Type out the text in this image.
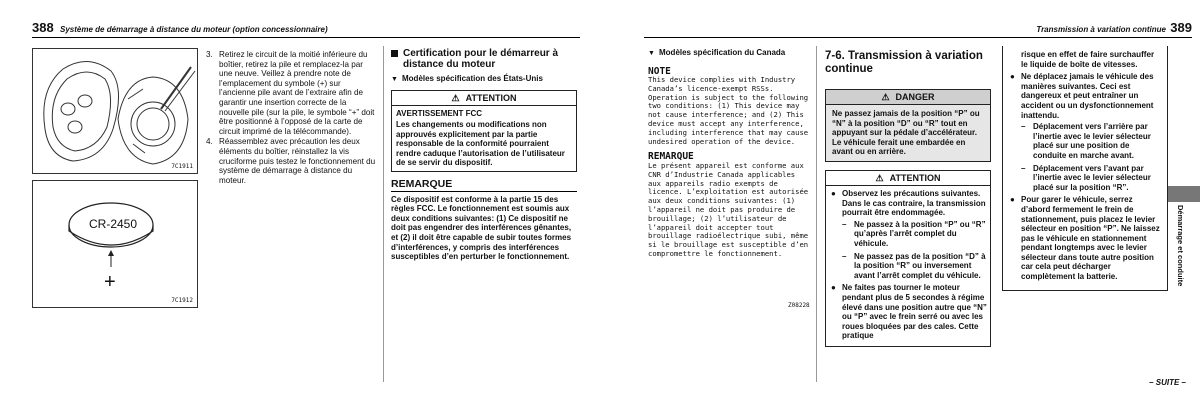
388 Système de démarrage à distance du moteur (option concessionnaire)
7C1911
CR-2450
+
7C1912
3. Retirez le circuit de la moitié inférieure du boîtier, retirez la pile et remplacez-la par une neuve. Veillez à prendre note de l’emplacement du symbole (+) sur l’ancienne pile avant de l’extraire afin de garantir une insertion correcte de la nouvelle pile (sur la pile, le symbole “+” doit être positionné à l’opposé de la carte de circuit imprimé de la télécommande).
4. Réassemblez avec précaution les deux éléments du boîtier, réinstallez la vis cruciforme puis testez le fonctionnement du système de démarrage à distance du moteur.
Certification pour le démarreur à distance du moteur
▼ Modèles spécification des États-Unis
⚠ ATTENTION
AVERTISSEMENT FCC
Les changements ou modifications non approuvés explicitement par la partie responsable de la conformité pourraient rendre caduque l’autorisation de l’utilisateur de se servir du dispositif.
REMARQUE
Ce dispositif est conforme à la partie 15 des règles FCC. Le fonctionnement est soumis aux deux conditions suivantes: (1) Ce dispositif ne doit pas engendrer des interférences gênantes, et (2) il doit être capable de subir toutes formes d’interférences, y compris des interférences susceptibles d’en perturber le fonctionnement.
Transmission à variation continue 389
▼ Modèles spécification du Canada
NOTE
This device complies with Industry Canada’s licence-exempt RSSs. Operation is subject to the following two conditions: (1) This device may not cause interference; and (2) This device must accept any interference, including interference that may cause undesired operation of the device.
REMARQUE
Le présent appareil est conforme aux CNR d’Industrie Canada applicables aux appareils radio exempts de licence. L’exploitation est autorisée aux deux conditions suivantes: (1) l’appareil ne doit pas produire de brouillage; (2) l’utilisateur de l’appareil doit accepter tout brouillage radioélectrique subi, même si le brouillage est susceptible d’en compromettre le fonctionnement.
Z08228
7-6. Transmission à variation continue
⚠ DANGER
Ne passez jamais de la position “P” ou “N” à la position “D” ou “R” tout en appuyant sur la pédale d’accélérateur. Le véhicule ferait une embardée en avant ou en arrière.
⚠ ATTENTION
● Observez les précautions suivantes. Dans le cas contraire, la transmission pourrait être endommagée.
– Ne passez à la position “P” ou “R” qu’après l’arrêt complet du véhicule.
– Ne passez pas de la position “D” à la position “R” ou inversement avant l’arrêt complet du véhicule.
● Ne faites pas tourner le moteur pendant plus de 5 secondes à régime élevé dans une position autre que “N” ou “P” avec le frein serré ou avec les roues bloquées par des cales. Cette pratique
risque en effet de faire surchauffer le liquide de boîte de vitesses.
● Ne déplacez jamais le véhicule des manières suivantes. Ceci est dangereux et peut entraîner un accident ou un dysfonctionnement inattendu.
– Déplacement vers l’arrière par l’inertie avec le levier sélecteur placé sur une position de conduite en marche avant.
– Déplacement vers l’avant par l’inertie avec le levier sélecteur placé sur la position “R”.
● Pour garer le véhicule, serrez d’abord fermement le frein de stationnement, puis placez le levier sélecteur en position “P”. Ne laissez pas le véhicule en stationnement pendant longtemps avec le levier sélecteur dans toute autre position car cela peut décharger complètement la batterie.	Démarrage et conduite
– SUITE –
